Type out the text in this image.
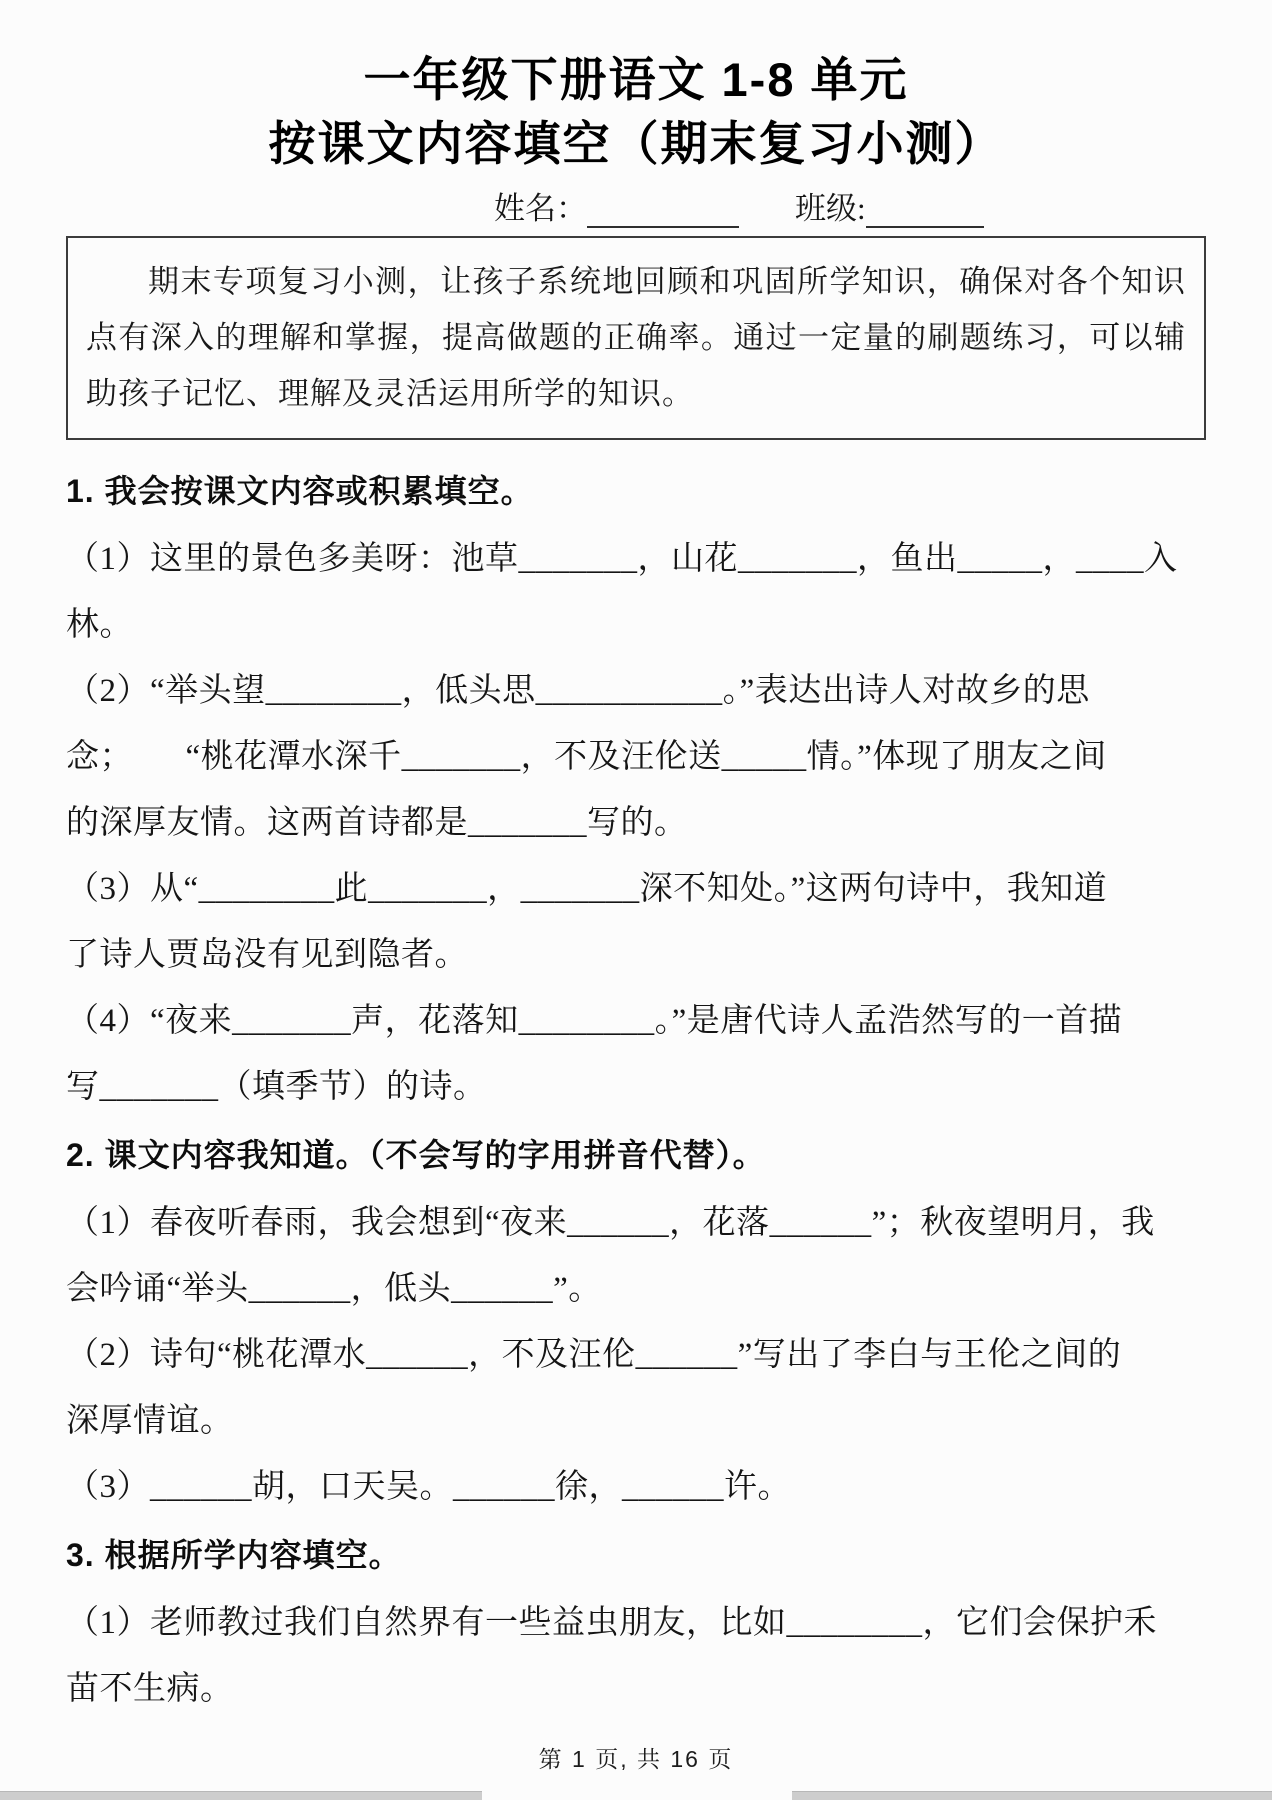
一年级下册语文 1-8 单元
按课文内容填空（期末复习小测）
姓名：	班级:

期末专项复习小测，让孩子系统地回顾和巩固所学知识，确保对各个知识点有深入的理解和掌握，提高做题的正确率。通过一定量的刷题练习，可以辅助孩子记忆、理解及灵活运用所学的知识。

1. 我会按课文内容或积累填空。
（1）这里的景色多美呀：池草_______，山花_______，鱼出_____，____入
林。
（2）“举头望________，低头思___________。”表达出诗人对故乡的思
念；      “桃花潭水深千_______，不及汪伦送_____情。”体现了朋友之间
的深厚友情。这两首诗都是_______写的。
（3）从“________此_______，_______深不知处。”这两句诗中，我知道
了诗人贾岛没有见到隐者。
（4）“夜来_______声，花落知________。”是唐代诗人孟浩然写的一首描
写_______（填季节）的诗。
2. 课文内容我知道。（不会写的字用拼音代替）。
（1）春夜听春雨，我会想到“夜来______，花落______”；秋夜望明月，我
会吟诵“举头______，低头______”。
（2）诗句“桃花潭水______，不及汪伦______”写出了李白与王伦之间的
深厚情谊。
（3）______胡，口天吴。______徐，______许。
3. 根据所学内容填空。
（1）老师教过我们自然界有一些益虫朋友，比如________，它们会保护禾
苗不生病。
第 1 页, 共 16 页
